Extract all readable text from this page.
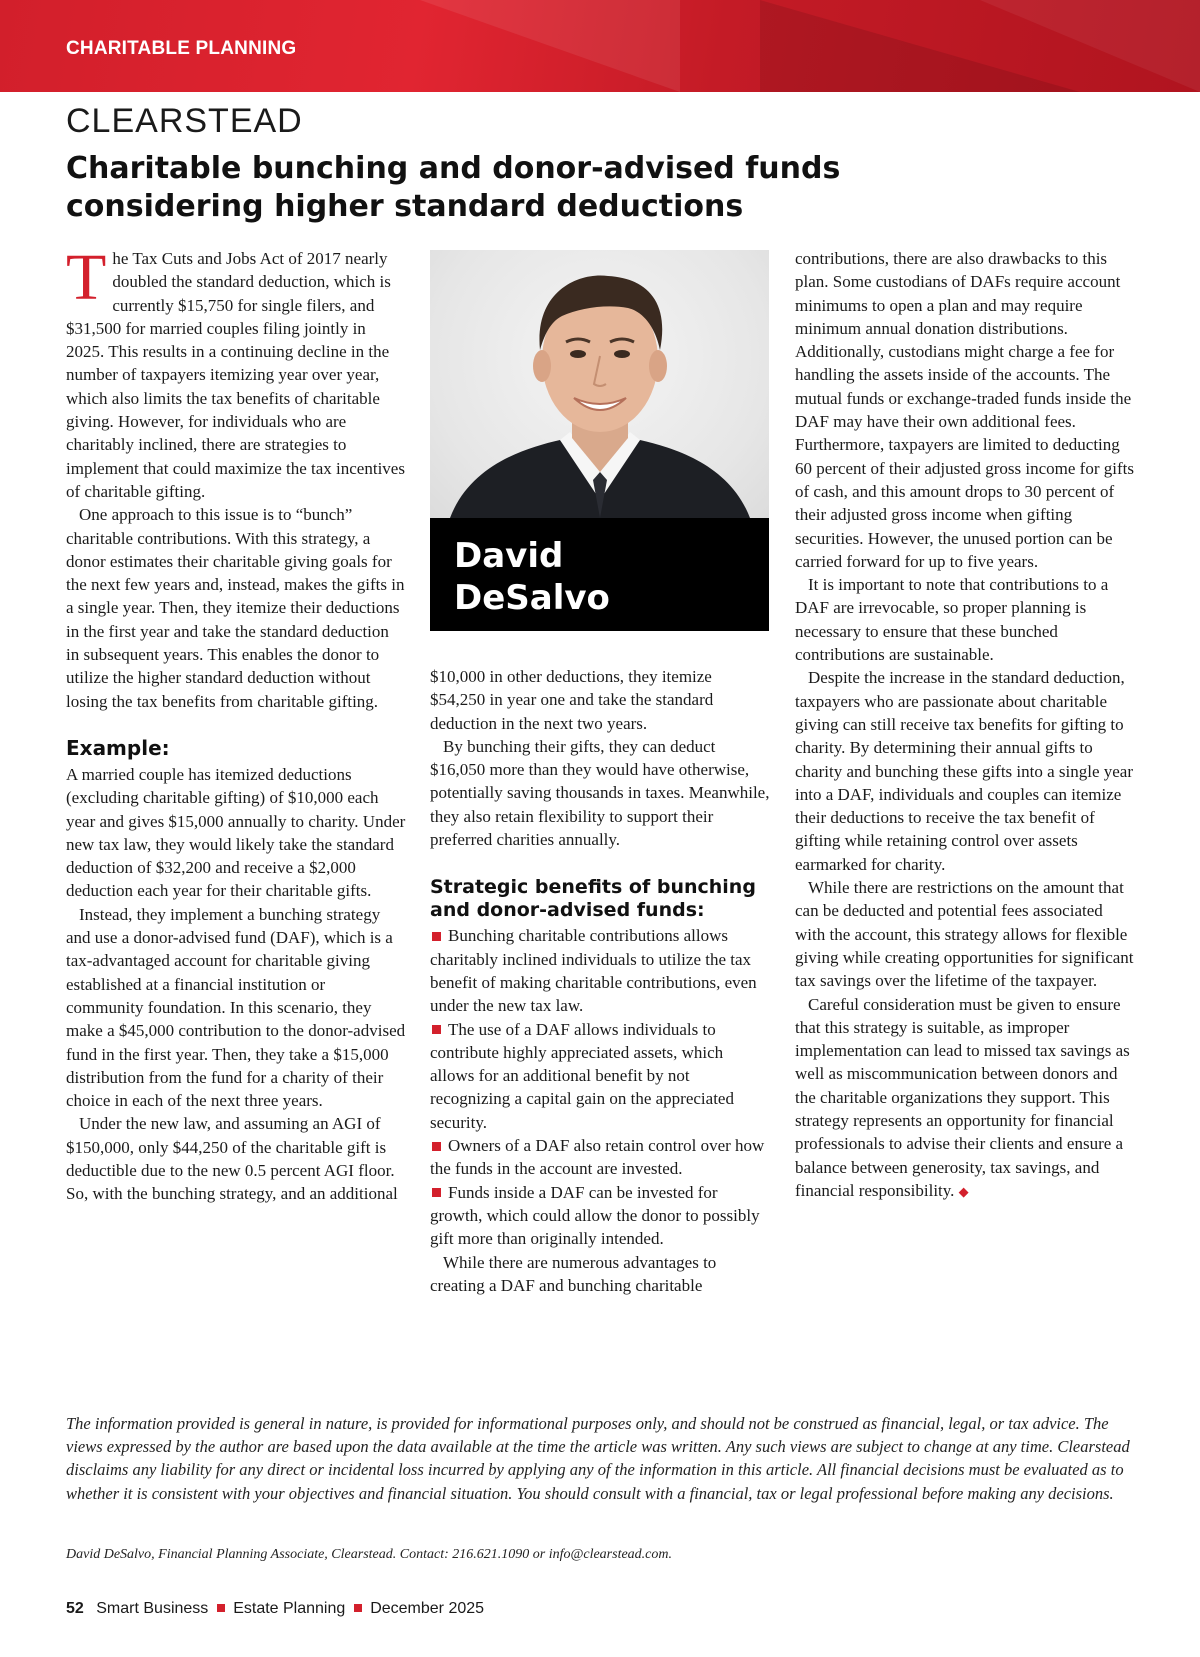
CHARITABLE PLANNING
CLEARSTEAD
Charitable bunching and donor-advised funds considering higher standard deductions

The Tax Cuts and Jobs Act of 2017 nearly doubled the standard deduction, which is currently $15,750 for single filers, and $31,500 for married couples filing jointly in 2025. This results in a continuing decline in the number of taxpayers itemizing year over year, which also limits the tax benefits of charitable giving. However, for individuals who are charitably inclined, there are strategies to implement that could maximize the tax incentives of charitable gifting.

One approach to this issue is to “bunch” charitable contributions. With this strategy, a donor estimates their charitable giving goals for the next few years and, instead, makes the gifts in a single year. Then, they itemize their deductions in the first year and take the standard deduction in subsequent years. This enables the donor to utilize the higher standard deduction without losing the tax benefits from charitable gifting.

Example:

A married couple has itemized deductions (excluding charitable gifting) of $10,000 each year and gives $15,000 annually to charity. Under new tax law, they would likely take the standard deduction of $32,200 and receive a $2,000 deduction each year for their charitable gifts.

Instead, they implement a bunching strategy and use a donor-advised fund (DAF), which is a tax-advantaged account for charitable giving established at a financial institution or community foundation. In this scenario, they make a $45,000 contribution to the donor-advised fund in the first year. Then, they take a $15,000 distribution from the fund for a charity of their choice in each of the next three years.

Under the new law, and assuming an AGI of $150,000, only $44,250 of the charitable gift is deductible due to the new 0.5 percent AGI floor. So, with the bunching strategy, and an additional

David
DeSalvo

$10,000 in other deductions, they itemize $54,250 in year one and take the standard deduction in the next two years.

By bunching their gifts, they can deduct $16,050 more than they would have otherwise, potentially saving thousands in taxes. Meanwhile, they also retain flexibility to support their preferred charities annually.

Strategic benefits of bunching and donor-advised funds:

Bunching charitable contributions allows charitably inclined individuals to utilize the tax benefit of making charitable contributions, even under the new tax law.

The use of a DAF allows individuals to contribute highly appreciated assets, which allows for an additional benefit by not recognizing a capital gain on the appreciated security.

Owners of a DAF also retain control over how the funds in the account are invested.

Funds inside a DAF can be invested for growth, which could allow the donor to possibly gift more than originally intended.

While there are numerous advantages to creating a DAF and bunching charitable

contributions, there are also drawbacks to this plan. Some custodians of DAFs require account minimums to open a plan and may require minimum annual donation distributions. Additionally, custodians might charge a fee for handling the assets inside of the accounts. The mutual funds or exchange-traded funds inside the DAF may have their own additional fees. Furthermore, taxpayers are limited to deducting 60 percent of their adjusted gross income for gifts of cash, and this amount drops to 30 percent of their adjusted gross income when gifting securities. However, the unused portion can be carried forward for up to five years.

It is important to note that contributions to a DAF are irrevocable, so proper planning is necessary to ensure that these bunched contributions are sustainable.

Despite the increase in the standard deduction, taxpayers who are passionate about charitable giving can still receive tax benefits for gifting to charity. By determining their annual gifts to charity and bunching these gifts into a single year into a DAF, individuals and couples can itemize their deductions to receive the tax benefit of gifting while retaining control over assets earmarked for charity.

While there are restrictions on the amount that can be deducted and potential fees associated with the account, this strategy allows for flexible giving while creating opportunities for significant tax savings over the lifetime of the taxpayer.

Careful consideration must be given to ensure that this strategy is suitable, as improper implementation can lead to missed tax savings as well as miscommunication between donors and the charitable organizations they support. This strategy represents an opportunity for financial professionals to advise their clients and ensure a balance between generosity, tax savings, and financial responsibility. ◆

The information provided is general in nature, is provided for informational purposes only, and should not be construed as financial, legal, or tax advice. The views expressed by the author are based upon the data available at the time the article was written. Any such views are subject to change at any time. Clearstead disclaims any liability for any direct or incidental loss incurred by applying any of the information in this article. All financial decisions must be evaluated as to whether it is consistent with your objectives and financial situation. You should consult with a financial, tax or legal professional before making any decisions.
David DeSalvo, Financial Planning Associate, Clearstead. Contact: 216.621.1090 or info@clearstead.com.
52 Smart Business Estate Planning December 2025
